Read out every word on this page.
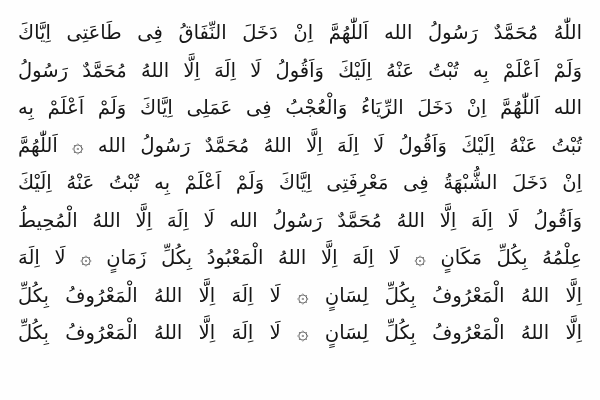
اللّٰهُ مُحَمَّدٌ رَسُولُ الله اَللّٰهُمَّ اِنْ دَخَلَ النِّفَاقُ فِى طَاعَتِى اِيَّاكَ
وَلَمْ اَعْلَمْ بِه تُبْتُ عَنْهُ اِلَيْكَ وَاَقُولُ لَا اِلَهَ اِلَّا اللهُ مُحَمَّدٌ رَسُولُ
الله اَللّٰهُمَّ اِنْ دَخَلَ الرِّيَاءُ وَالْعُجْبُ فِى عَمَلِى اِيَّاكَ وَلَمْ اَعْلَمْ بِه
تُبْتُ عَنْهُ اِلَيْكَ وَاَقُولُ لَا اِلَهَ اِلَّا اللهُ مُحَمَّدٌ رَسُولُ الله ۞ اَللّٰهُمَّ
اِنْ دَخَلَ الشُّبْهَةُ فِى مَعْرِفَتِى اِيَّاكَ وَلَمْ اَعْلَمْ بِه تُبْتُ عَنْهُ اِلَيْكَ
وَاَقُولُ لَا اِلَهَ اِلَّا اللهُ مُحَمَّدٌ رَسُولُ الله لَا اِلَهَ اِلَّا اللهُ الْمُحِيطُ
عِلْمُهُ بِكُلِّ مَكَانٍ ۞ لَا اِلَهَ اِلَّا اللهُ الْمَعْبُودُ بِكُلِّ زَمَانٍ ۞ لَا اِلَهَ
اِلَّا اللهُ الْمَعْرُوفُ بِكُلِّ لِسَانٍ ۞ لَا اِلَهَ اِلَّا اللهُ الْمَعْرُوفُ بِكُلِّ
اِلَّا اللهُ الْمَعْرُوفُ بِكُلِّ لِسَانٍ ۞ لَا اِلَهَ اِلَّا اللهُ الْمَعْرُوفُ بِكُلِّ
